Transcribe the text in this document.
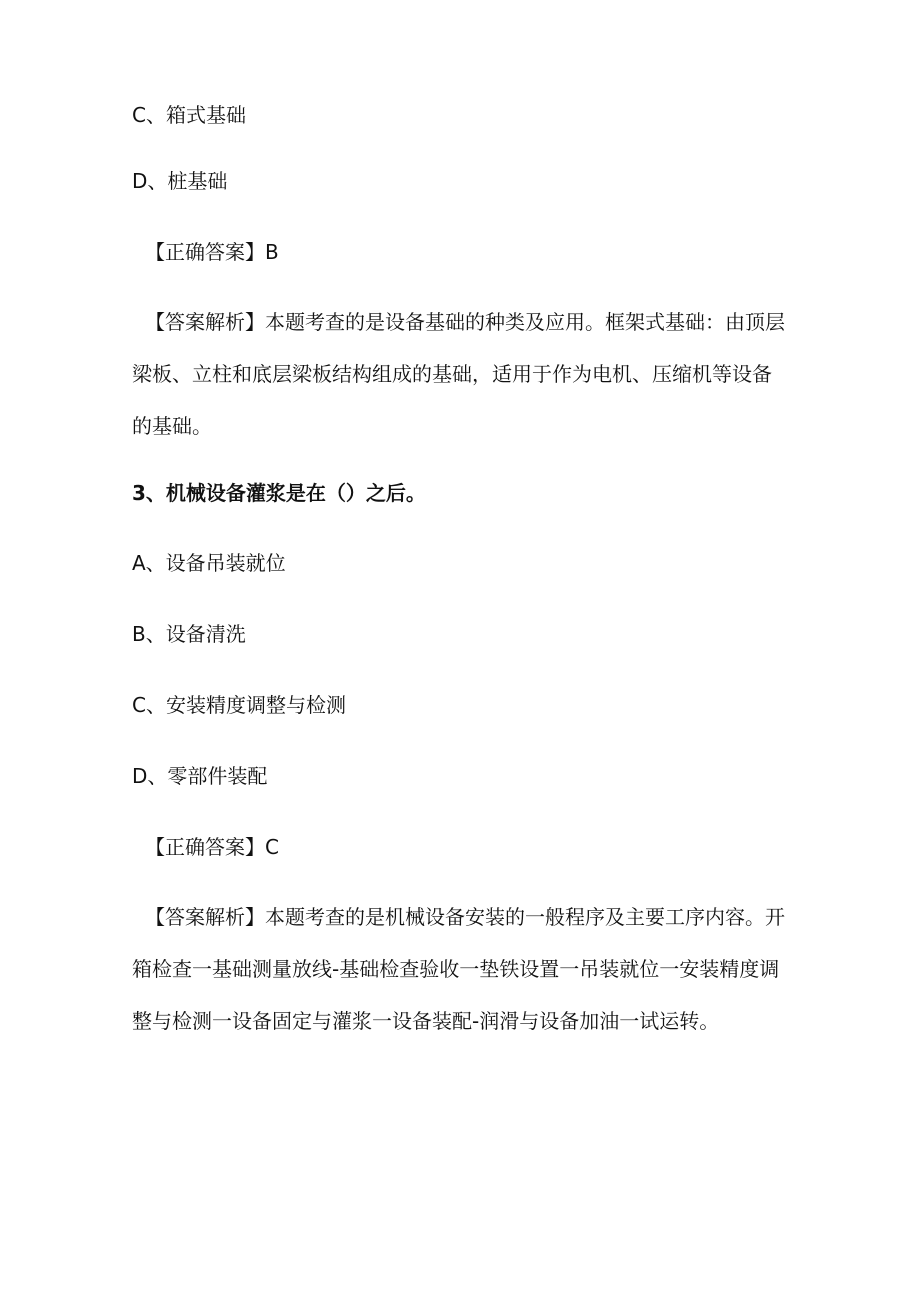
C、箱式基础
D、桩基础
【正确答案】B

【答案解析】本题考查的是设备基础的种类及应用。框架式基础：由顶层

梁板、立柱和底层梁板结构组成的基础，适用于作为电机、压缩机等设备

的基础。

3、机械设备灌浆是在（）之后。
A、设备吊装就位
B、设备清洗
C、安装精度调整与检测
D、零部件装配
【正确答案】C

【答案解析】本题考查的是机械设备安装的一般程序及主要工序内容。开

箱检查一基础测量放线-基础检查验收一垫铁设置一吊装就位一安装精度调

整与检测一设备固定与灌浆一设备装配-润滑与设备加油一试运转。
